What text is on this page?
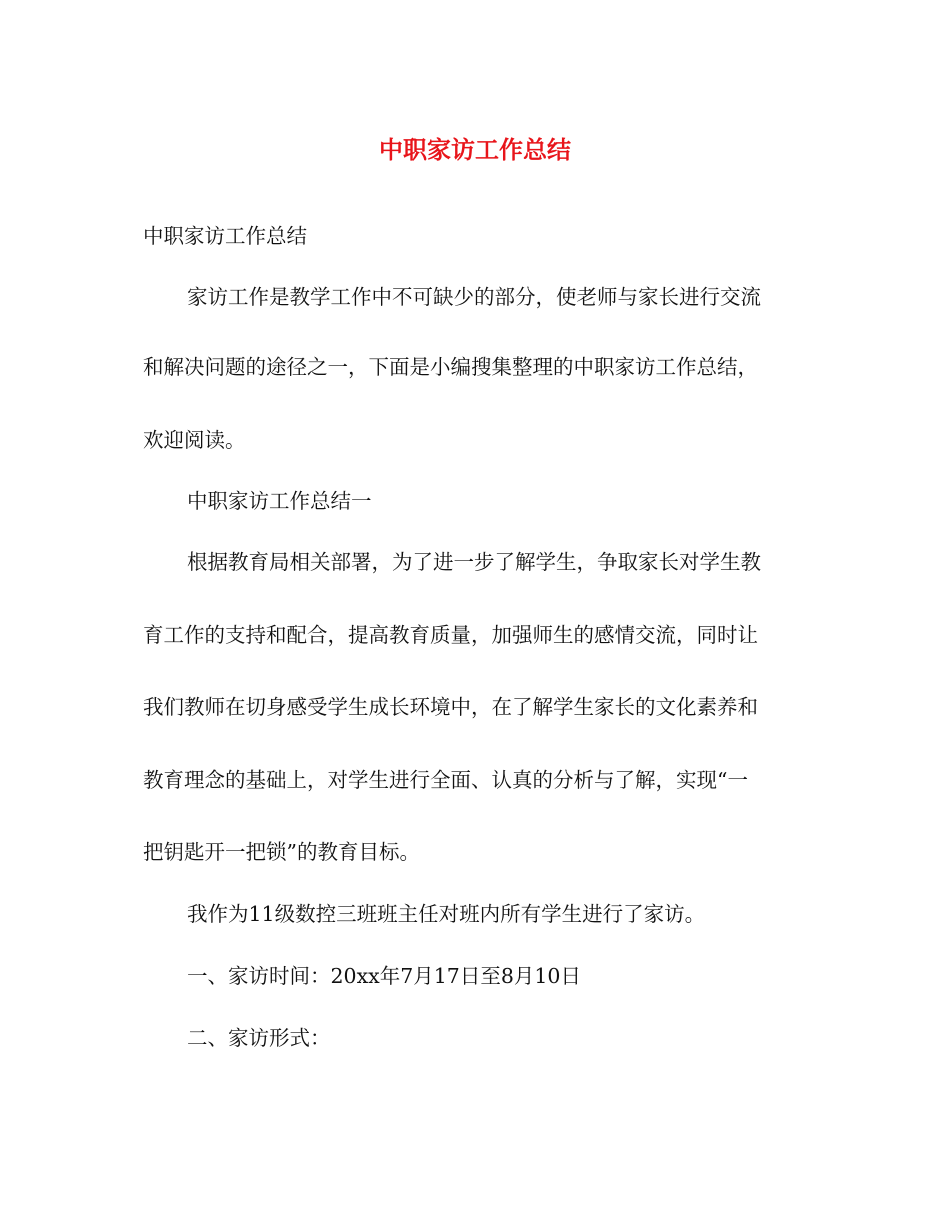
中职家访工作总结
中职家访工作总结
家访工作是教学工作中不可缺少的部分，使老师与家长进行交流
和解决问题的途径之一，下面是小编搜集整理的中职家访工作总结，
欢迎阅读。
中职家访工作总结一
根据教育局相关部署，为了进一步了解学生，争取家长对学生教
育工作的支持和配合，提高教育质量，加强师生的感情交流，同时让
我们教师在切身感受学生成长环境中，在了解学生家长的文化素养和
教育理念的基础上，对学生进行全面、认真的分析与了解，实现“一
把钥匙开一把锁”的教育目标。
我作为11级数控三班班主任对班内所有学生进行了家访。
一、家访时间：20xx年7月17日至8月10日
二、家访形式：
